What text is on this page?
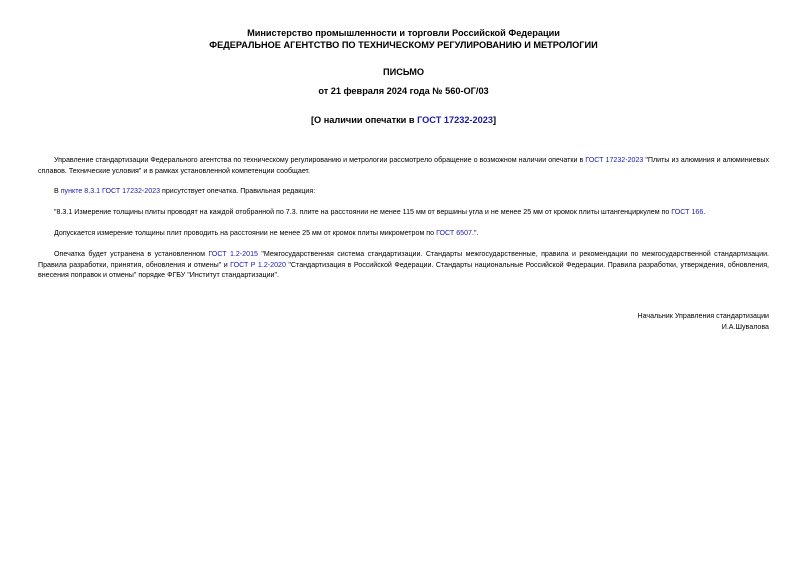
Министерство промышленности и торговли Российской Федерации
ФЕДЕРАЛЬНОЕ АГЕНТСТВО ПО ТЕХНИЧЕСКОМУ РЕГУЛИРОВАНИЮ И МЕТРОЛОГИИ
ПИСЬМО
от 21 февраля 2024 года № 560-ОГ/03
[О наличии опечатки в ГОСТ 17232-2023]

Управление стандартизации Федерального агентства по техническому регулированию и метрологии рассмотрело обращение о возможном наличии опечатки в ГОСТ 17232-2023 "Плиты из алюминия и алюминиевых сплавов. Технические условия" и в рамках установленной компетенции сообщает.

В пункте 8.3.1 ГОСТ 17232-2023 присутствует опечатка. Правильная редакция:

"8.3.1 Измерение толщины плиты проводят на каждой отобранной по 7.3. плите на расстоянии не менее 115 мм от вершины угла и не менее 25 мм от кромок плиты штангенциркулем по ГОСТ 166.

Допускается измерение толщины плит проводить на расстоянии не менее 25 мм от кромок плиты микрометром по ГОСТ 6507.".

Опечатка будет устранена в установленном ГОСТ 1.2-2015 "Межгосударственная система стандартизации. Стандарты межгосударственные, правила и рекомендации по межгосударственной стандартизации. Правила разработки, принятия, обновления и отмены" и ГОСТ Р 1.2-2020 "Стандартизация в Российской Федерации. Стандарты национальные Российской Федерации. Правила разработки, утверждения, обновления, внесения поправок и отмены" порядке ФГБУ "Институт стандартизации".

Начальник Управления стандартизации
И.А.Шувалова
